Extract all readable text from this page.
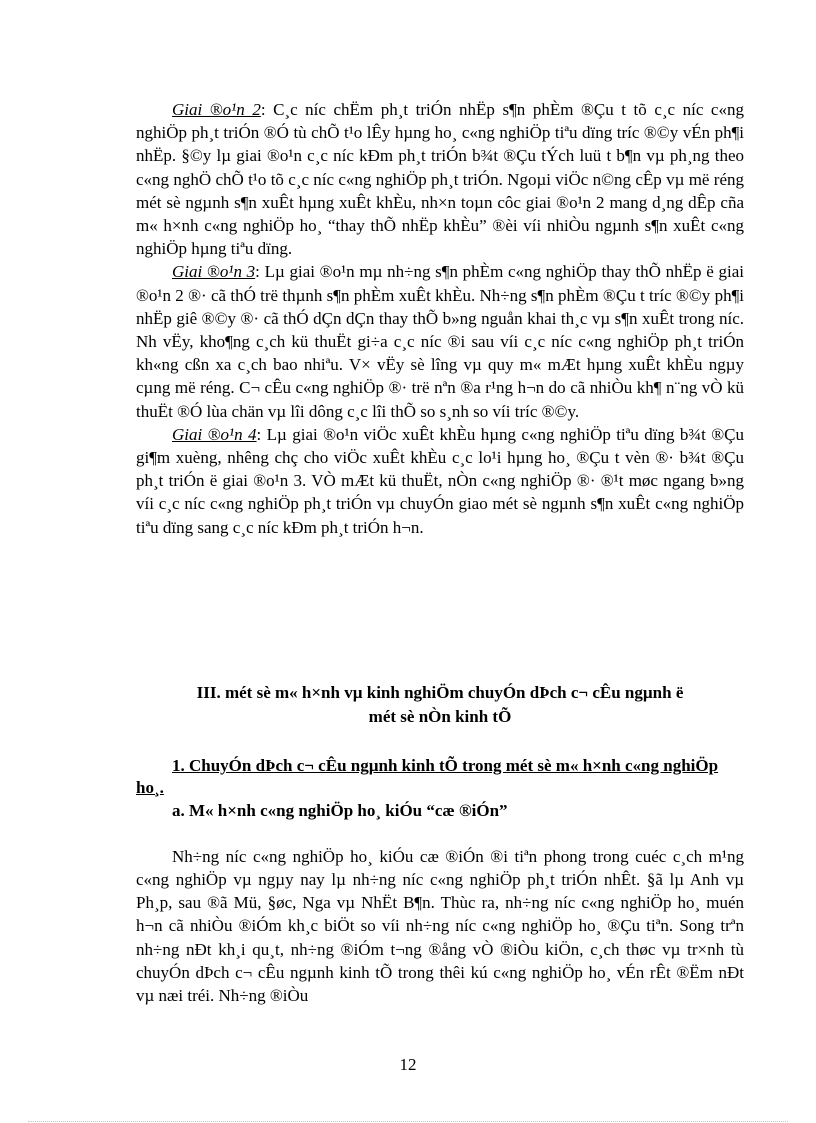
Giai ®o¹n 2: C¸c níc chËm ph¸t triÓn nhËp s¶n phÈm ®Çu t tõ c¸c níc c«ng nghiÖp ph¸t triÓn ®Ó tù chÕ t¹o lÊy hµng ho¸ c«ng nghiÖp tiªu dïng tríc ®©y vÉn ph¶i nhËp. §©y lµ giai ®o¹n c¸c níc kÐm ph¸t triÓn b¾t ®Çu tÝch luü t b¶n vµ ph¸ng theo c«ng nghÖ chÕ t¹o tõ c¸c níc c«ng nghiÖp ph¸t triÓn. Ngoµi viÖc n©ng cÊp vµ më réng mét sè ngµnh s¶n xuÊt hµng xuÊt khÈu, nh×n toµn côc giai ®o¹n 2 mang d¸ng dÊp cña m« h×nh c«ng nghiÖp ho¸ “thay thÕ nhËp khÈu” ®èi víi nhiÒu ngµnh s¶n xuÊt c«ng nghiÖp hµng tiªu dïng.

Giai ®o¹n 3: Lµ giai ®o¹n mµ nh÷ng s¶n phÈm c«ng nghiÖp thay thÕ nhËp ë giai ®o¹n 2 ®· cã thÓ trë thµnh s¶n phÈm xuÊt khÈu. Nh÷ng s¶n phÈm ®Çu t tríc ®©y ph¶i nhËp giê ®©y ®· cã thÓ dÇn dÇn thay thÕ b»ng nguån khai th¸c vµ s¶n xuÊt trong níc. Nh vËy, kho¶ng c¸ch kü thuËt gi÷a c¸c níc ®i sau víi c¸c níc c«ng nghiÖp ph¸t triÓn kh«ng cßn xa c¸ch bao nhiªu. V× vËy sè lîng vµ quy m« mÆt hµng xuÊt khÈu ngµy cµng më réng. C¬ cÊu c«ng nghiÖp ®· trë nªn ®a r¹ng h¬n do cã nhiÒu kh¶ n¨ng vÒ kü thuËt ®Ó lùa chän vµ lîi dông c¸c lîi thÕ so s¸nh so víi tríc ®©y.

Giai ®o¹n 4: Lµ giai ®o¹n viÖc xuÊt khÈu hµng c«ng nghiÖp tiªu dïng b¾t ®Çu gi¶m xuèng, nhêng chç cho viÖc xuÊt khÈu c¸c lo¹i hµng ho¸ ®Çu t vèn ®· b¾t ®Çu ph¸t triÓn ë giai ®o¹n 3. VÒ mÆt kü thuËt, nÒn c«ng nghiÖp ®· ®¹t møc ngang b»ng víi c¸c níc c«ng nghiÖp ph¸t triÓn vµ chuyÓn giao mét sè ngµnh s¶n xuÊt c«ng nghiÖp tiªu dïng sang c¸c níc kÐm ph¸t triÓn h¬n.

III. mét sè m« h×nh vµ kinh nghiÖm chuyÓn dÞch c¬ cÊu ngµnh ë

mét sè nÒn kinh tÕ

1. ChuyÓn dÞch c¬ cÊu ngµnh kinh tÕ trong mét sè m« h×nh c«ng nghiÖp ho¸.

a. M« h×nh c«ng nghiÖp ho¸ kiÓu “cæ ®iÓn”

Nh÷ng níc c«ng nghiÖp ho¸ kiÓu cæ ®iÓn ®i tiªn phong trong cuéc c¸ch m¹ng c«ng nghiÖp vµ ngµy nay lµ nh÷ng níc c«ng nghiÖp ph¸t triÓn nhÊt. §ã lµ Anh vµ Ph¸p, sau ®ã Mü, §øc, Nga vµ NhËt B¶n. Thùc ra, nh÷ng níc c«ng nghiÖp ho¸ muén h¬n cã nhiÒu ®iÓm kh¸c biÖt so víi nh÷ng níc c«ng nghiÖp ho¸ ®Çu tiªn. Song trªn nh÷ng nÐt kh¸i qu¸t, nh÷ng ®iÓm t¬ng ®ång vÒ ®iÒu kiÖn, c¸ch thøc vµ tr×nh tù chuyÓn dÞch c¬ cÊu ngµnh kinh tÕ trong thêi kú c«ng nghiÖp ho¸ vÉn rÊt ®Ëm nÐt vµ næi tréi. Nh÷ng ®iÒu

12
